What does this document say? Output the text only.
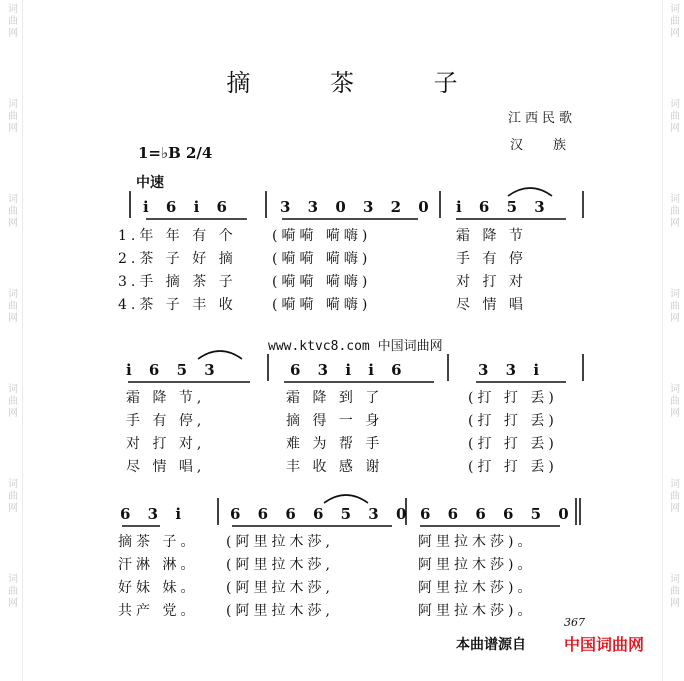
词
曲
网
词
曲
网
词
曲
网
词
曲
网
词
曲
网
词
曲
网
词
曲
网
词
曲
网
词
曲
网
词
曲
网
词
曲
网
词
曲
网
词
曲
网
词
曲
网
摘 茶 子
江西民歌
汉族
1=♭B 2/4
中速
i 6 i 6	3 3 0 3 2 0 i 6 5 3
1.年 年 有 个	(嗬嗬 嗬嗨)	霜 降 节
2.茶 子 好 摘	(嗬嗬 嗬嗨)	手 有 停
3.手 摘 茶 子	(嗬嗬 嗬嗨)	对 打 对
4.茶 子 丰 收	(嗬嗬 嗬嗨)	尽 情 唱
www.ktvc8.com 中国词曲网
i 6 5 3	6 3 i i 6	3 3 i
霜 降 节,	霜 降 到 了	(打 打 丢)
手 有 停,	摘 得 一 身	(打 打 丢)
对 打 对,	难 为 帮 手	(打 打 丢)
尽 情 唱,	丰 收 感 谢	(打 打 丢)
6 3 i	6 6 6 6 5 3 0 6 6 6 6 5 0
摘茶 子。 (阿里拉木莎,	阿里拉木莎)。
汗淋 淋。 (阿里拉木莎,	阿里拉木莎)。
好妹 妹。 (阿里拉木莎,	阿里拉木莎)。
共产 党。 (阿里拉木莎,	阿里拉木莎)。
367
本曲谱源自 中国词曲网
